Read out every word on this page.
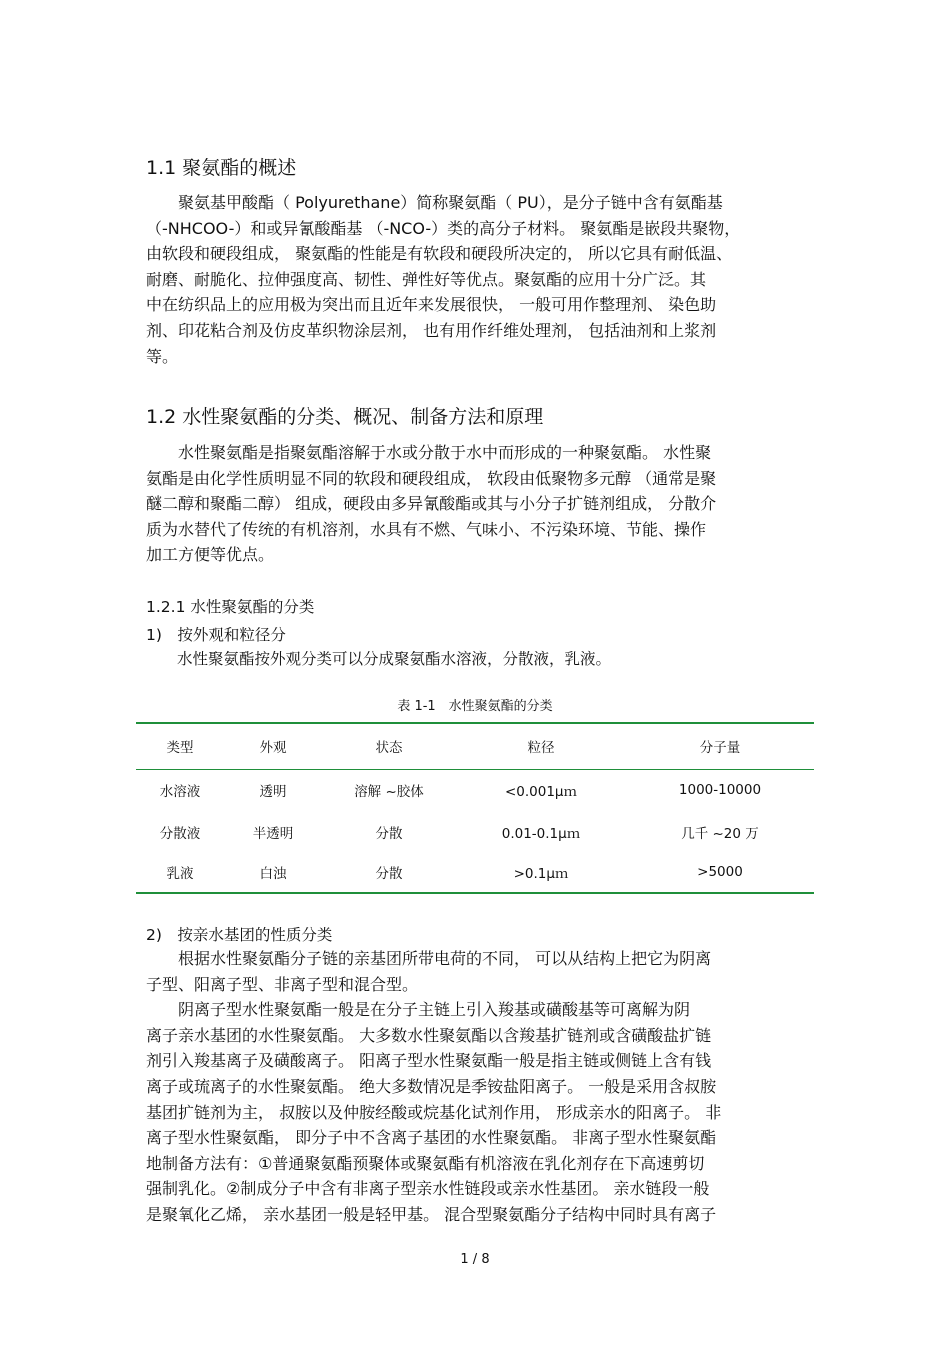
1.1 聚氨酯的概述
　　聚氨基甲酸酯（ Polyurethane）简称聚氨酯（ PU），是分子链中含有氨酯基
（-NHCOO-）和或异氰酸酯基 （-NCO-）类的高分子材料。 聚氨酯是嵌段共聚物，
由软段和硬段组成， 聚氨酯的性能是有软段和硬段所决定的， 所以它具有耐低温、
耐磨、耐脆化、拉伸强度高、韧性、弹性好等优点。聚氨酯的应用十分广泛。其
中在纺织品上的应用极为突出而且近年来发展很快， 一般可用作整理剂、 染色助
剂、印花粘合剂及仿皮革织物涂层剂， 也有用作纤维处理剂， 包括油剂和上浆剂
等。
1.2 水性聚氨酯的分类、概况、制备方法和原理
　　水性聚氨酯是指聚氨酯溶解于水或分散于水中而形成的一种聚氨酯。 水性聚
氨酯是由化学性质明显不同的软段和硬段组成， 软段由低聚物多元醇 （通常是聚
醚二醇和聚酯二醇） 组成，硬段由多异氰酸酯或其与小分子扩链剂组成， 分散介
质为水替代了传统的有机溶剂，水具有不燃、气味小、不污染环境、节能、操作
加工方便等优点。
1.2.1 水性聚氨酯的分类
1)　按外观和粒径分
　　水性聚氨酯按外观分类可以分成聚氨酯水溶液，分散液，乳液。
表 1-1　水性聚氨酯的分类
类型	外观	状态	粒径	分子量
水溶液	透明	溶解 ~胶体	<0.001μｍ	1000-10000
分散液	半透明	分散	0.01-0.1μｍ	几千 ~20 万
乳液	白浊	分散	>0.1μｍ	>5000
2)　按亲水基团的性质分类
　　根据水性聚氨酯分子链的亲基团所带电荷的不同， 可以从结构上把它为阴离
子型、阳离子型、非离子型和混合型。
　　阴离子型水性聚氨酯一般是在分子主链上引入羧基或磺酸基等可离解为阴
离子亲水基团的水性聚氨酯。 大多数水性聚氨酯以含羧基扩链剂或含磺酸盐扩链
剂引入羧基离子及磺酸离子。 阳离子型水性聚氨酯一般是指主链或侧链上含有钱
离子或琉离子的水性聚氨酯。 绝大多数情况是季铵盐阳离子。 一般是采用含叔胺
基团扩链剂为主， 叔胺以及仲胺经酸或烷基化试剂作用， 形成亲水的阳离子。 非
离子型水性聚氨酯， 即分子中不含离子基团的水性聚氨酯。 非离子型水性聚氨酯
地制备方法有：①普通聚氨酯预聚体或聚氨酯有机溶液在乳化剂存在下高速剪切
强制乳化。②制成分子中含有非离子型亲水性链段或亲水性基团。 亲水链段一般
是聚氧化乙烯， 亲水基团一般是轻甲基。 混合型聚氨酯分子结构中同时具有离子
1 / 8
